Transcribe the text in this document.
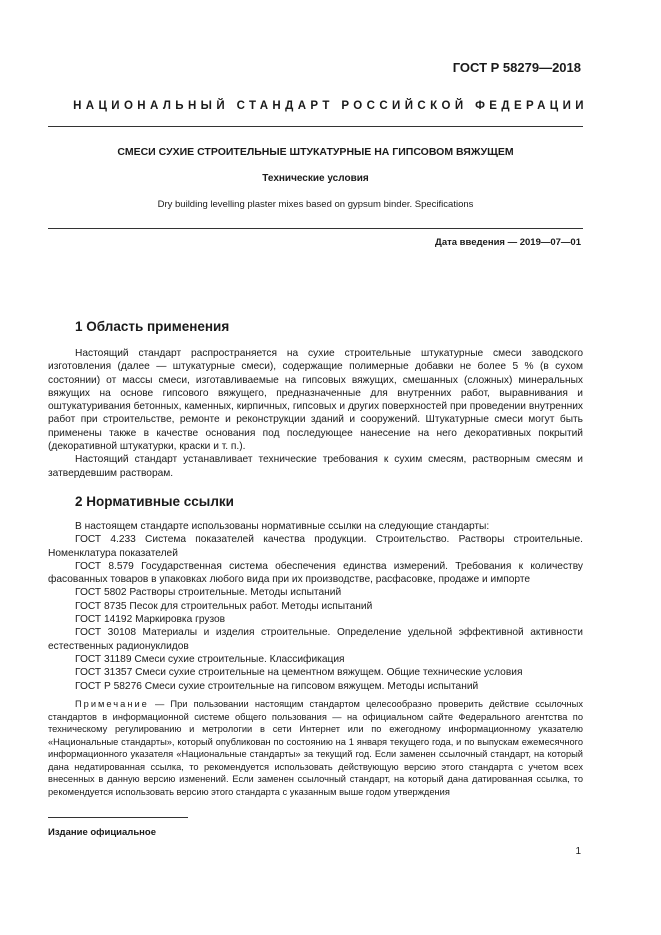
ГОСТ Р 58279—2018
НАЦИОНАЛЬНЫЙ СТАНДАРТ РОССИЙСКОЙ ФЕДЕРАЦИИ
СМЕСИ СУХИЕ СТРОИТЕЛЬНЫЕ ШТУКАТУРНЫЕ НА ГИПСОВОМ ВЯЖУЩЕМ
Технические условия
Dry building levelling plaster mixes based on gypsum binder. Specifications
Дата введения — 2019—07—01
1 Область применения

Настоящий стандарт распространяется на сухие строительные штукатурные смеси заводского изготовления (далее — штукатурные смеси), содержащие полимерные добавки не более 5 % (в сухом состоянии) от массы смеси, изготавливаемые на гипсовых вяжущих, смешанных (сложных) минеральных вяжущих на основе гипсового вяжущего, предназначенные для внутренних работ, выравнивания и оштукатуривания бетонных, каменных, кирпичных, гипсовых и других поверхностей при проведении внутренних работ при строительстве, ремонте и реконструкции зданий и сооружений. Штукатурные смеси могут быть применены также в качестве основания под последующее нанесение на него декоративных покрытий (декоративной штукатурки, краски и т. п.).

Настоящий стандарт устанавливает технические требования к сухим смесям, растворным смесям и затвердевшим растворам.

2 Нормативные ссылки

В настоящем стандарте использованы нормативные ссылки на следующие стандарты:

ГОСТ 4.233 Система показателей качества продукции. Строительство. Растворы строительные. Номенклатура показателей

ГОСТ 8.579 Государственная система обеспечения единства измерений. Требования к количеству фасованных товаров в упаковках любого вида при их производстве, расфасовке, продаже и импорте

ГОСТ 5802 Растворы строительные. Методы испытаний

ГОСТ 8735 Песок для строительных работ. Методы испытаний

ГОСТ 14192 Маркировка грузов

ГОСТ 30108 Материалы и изделия строительные. Определение удельной эффективной активности естественных радионуклидов

ГОСТ 31189 Смеси сухие строительные. Классификация

ГОСТ 31357 Смеси сухие строительные на цементном вяжущем. Общие технические условия

ГОСТ Р 58276 Смеси сухие строительные на гипсовом вяжущем. Методы испытаний

Примечание — При пользовании настоящим стандартом целесообразно проверить действие ссылочных стандартов в информационной системе общего пользования — на официальном сайте Федерального агентства по техническому регулированию и метрологии в сети Интернет или по ежегодному информационному указателю «Национальные стандарты», который опубликован по состоянию на 1 января текущего года, и по выпускам ежемесячного информационного указателя «Национальные стандарты» за текущий год. Если заменен ссылочный стандарт, на который дана недатированная ссылка, то рекомендуется использовать действующую версию этого стандарта с учетом всех внесенных в данную версию изменений. Если заменен ссылочный стандарт, на который дана датированная ссылка, то рекомендуется использовать версию этого стандарта с указанным выше годом утверждения

Издание официальное
1
